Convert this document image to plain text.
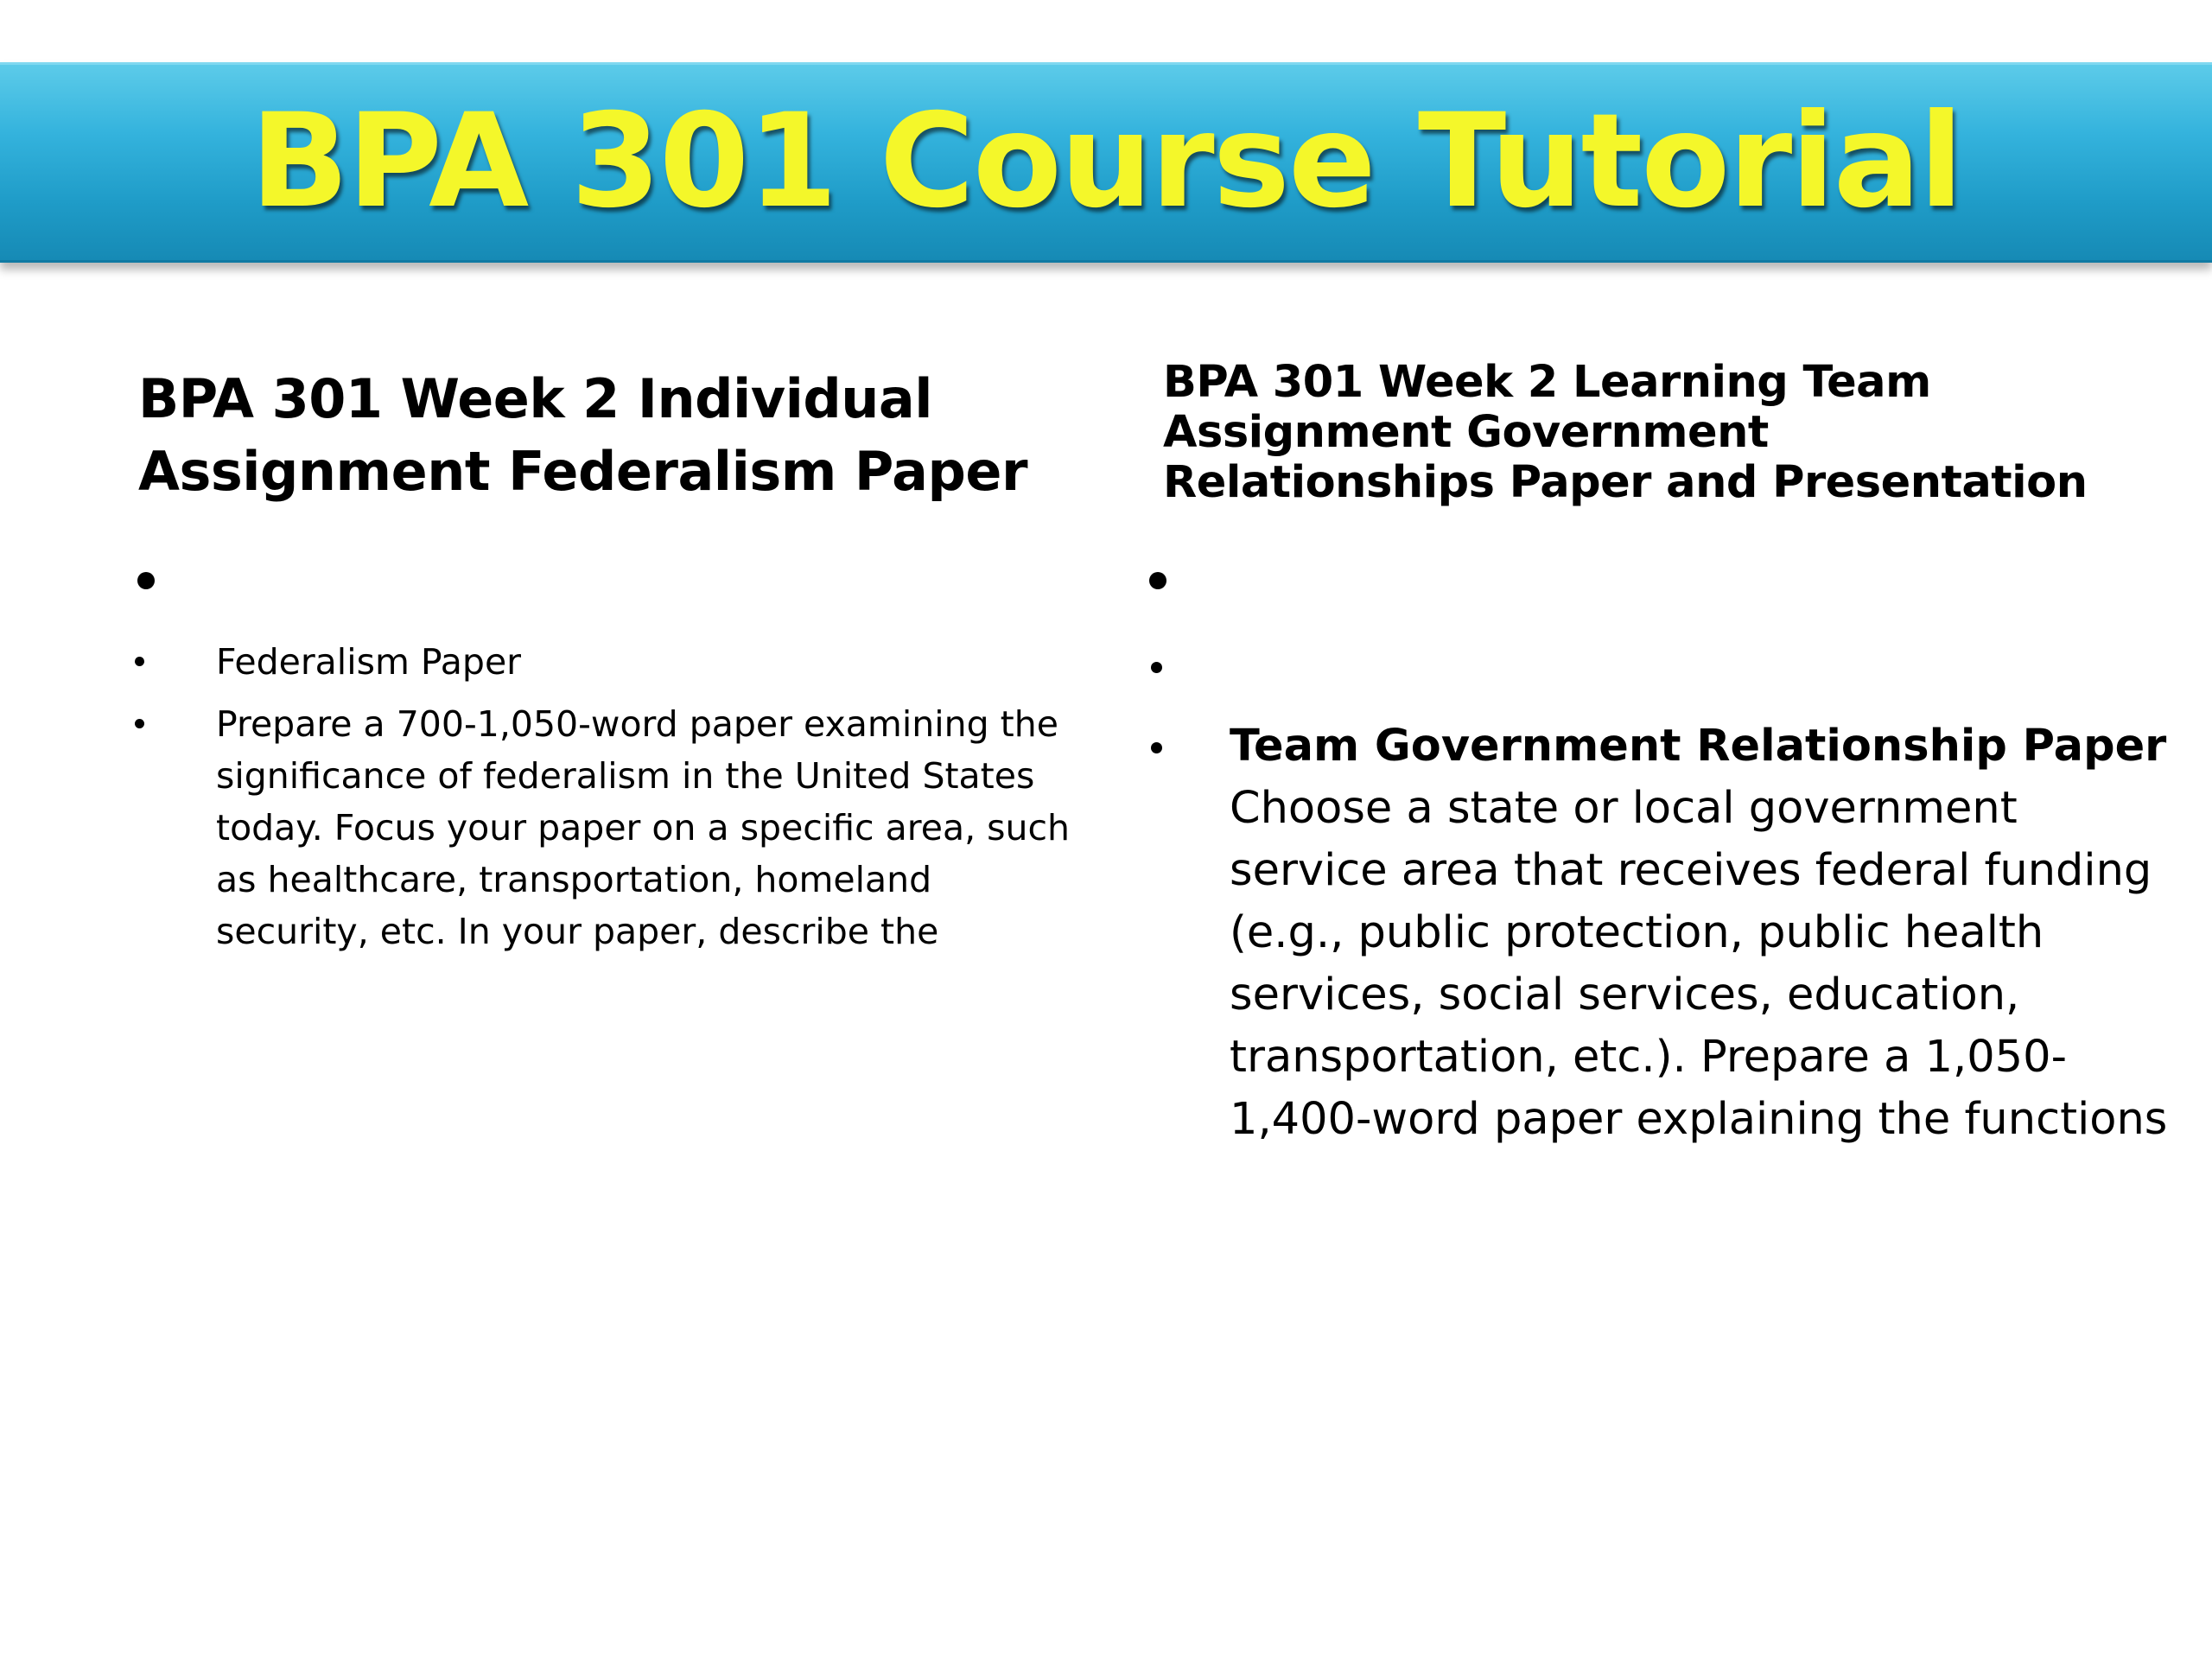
BPA 301 Course Tutorial
BPA 301 Week 2 Individual Assignment Federalism Paper
Federalism Paper
Prepare a 700-1,050-word paper examining the significance of federalism in the United States today. Focus your paper on a specific area, such as healthcare, transportation, homeland security, etc. In your paper, describe the
BPA 301 Week 2 Learning Team Assignment Government Relationships Paper and Presentation
Team Government Relationship Paper
Choose a state or local government service area that receives federal funding (e.g., public protection, public health services, social services, education, transportation, etc.). Prepare a 1,050-1,400-word paper explaining the functions
